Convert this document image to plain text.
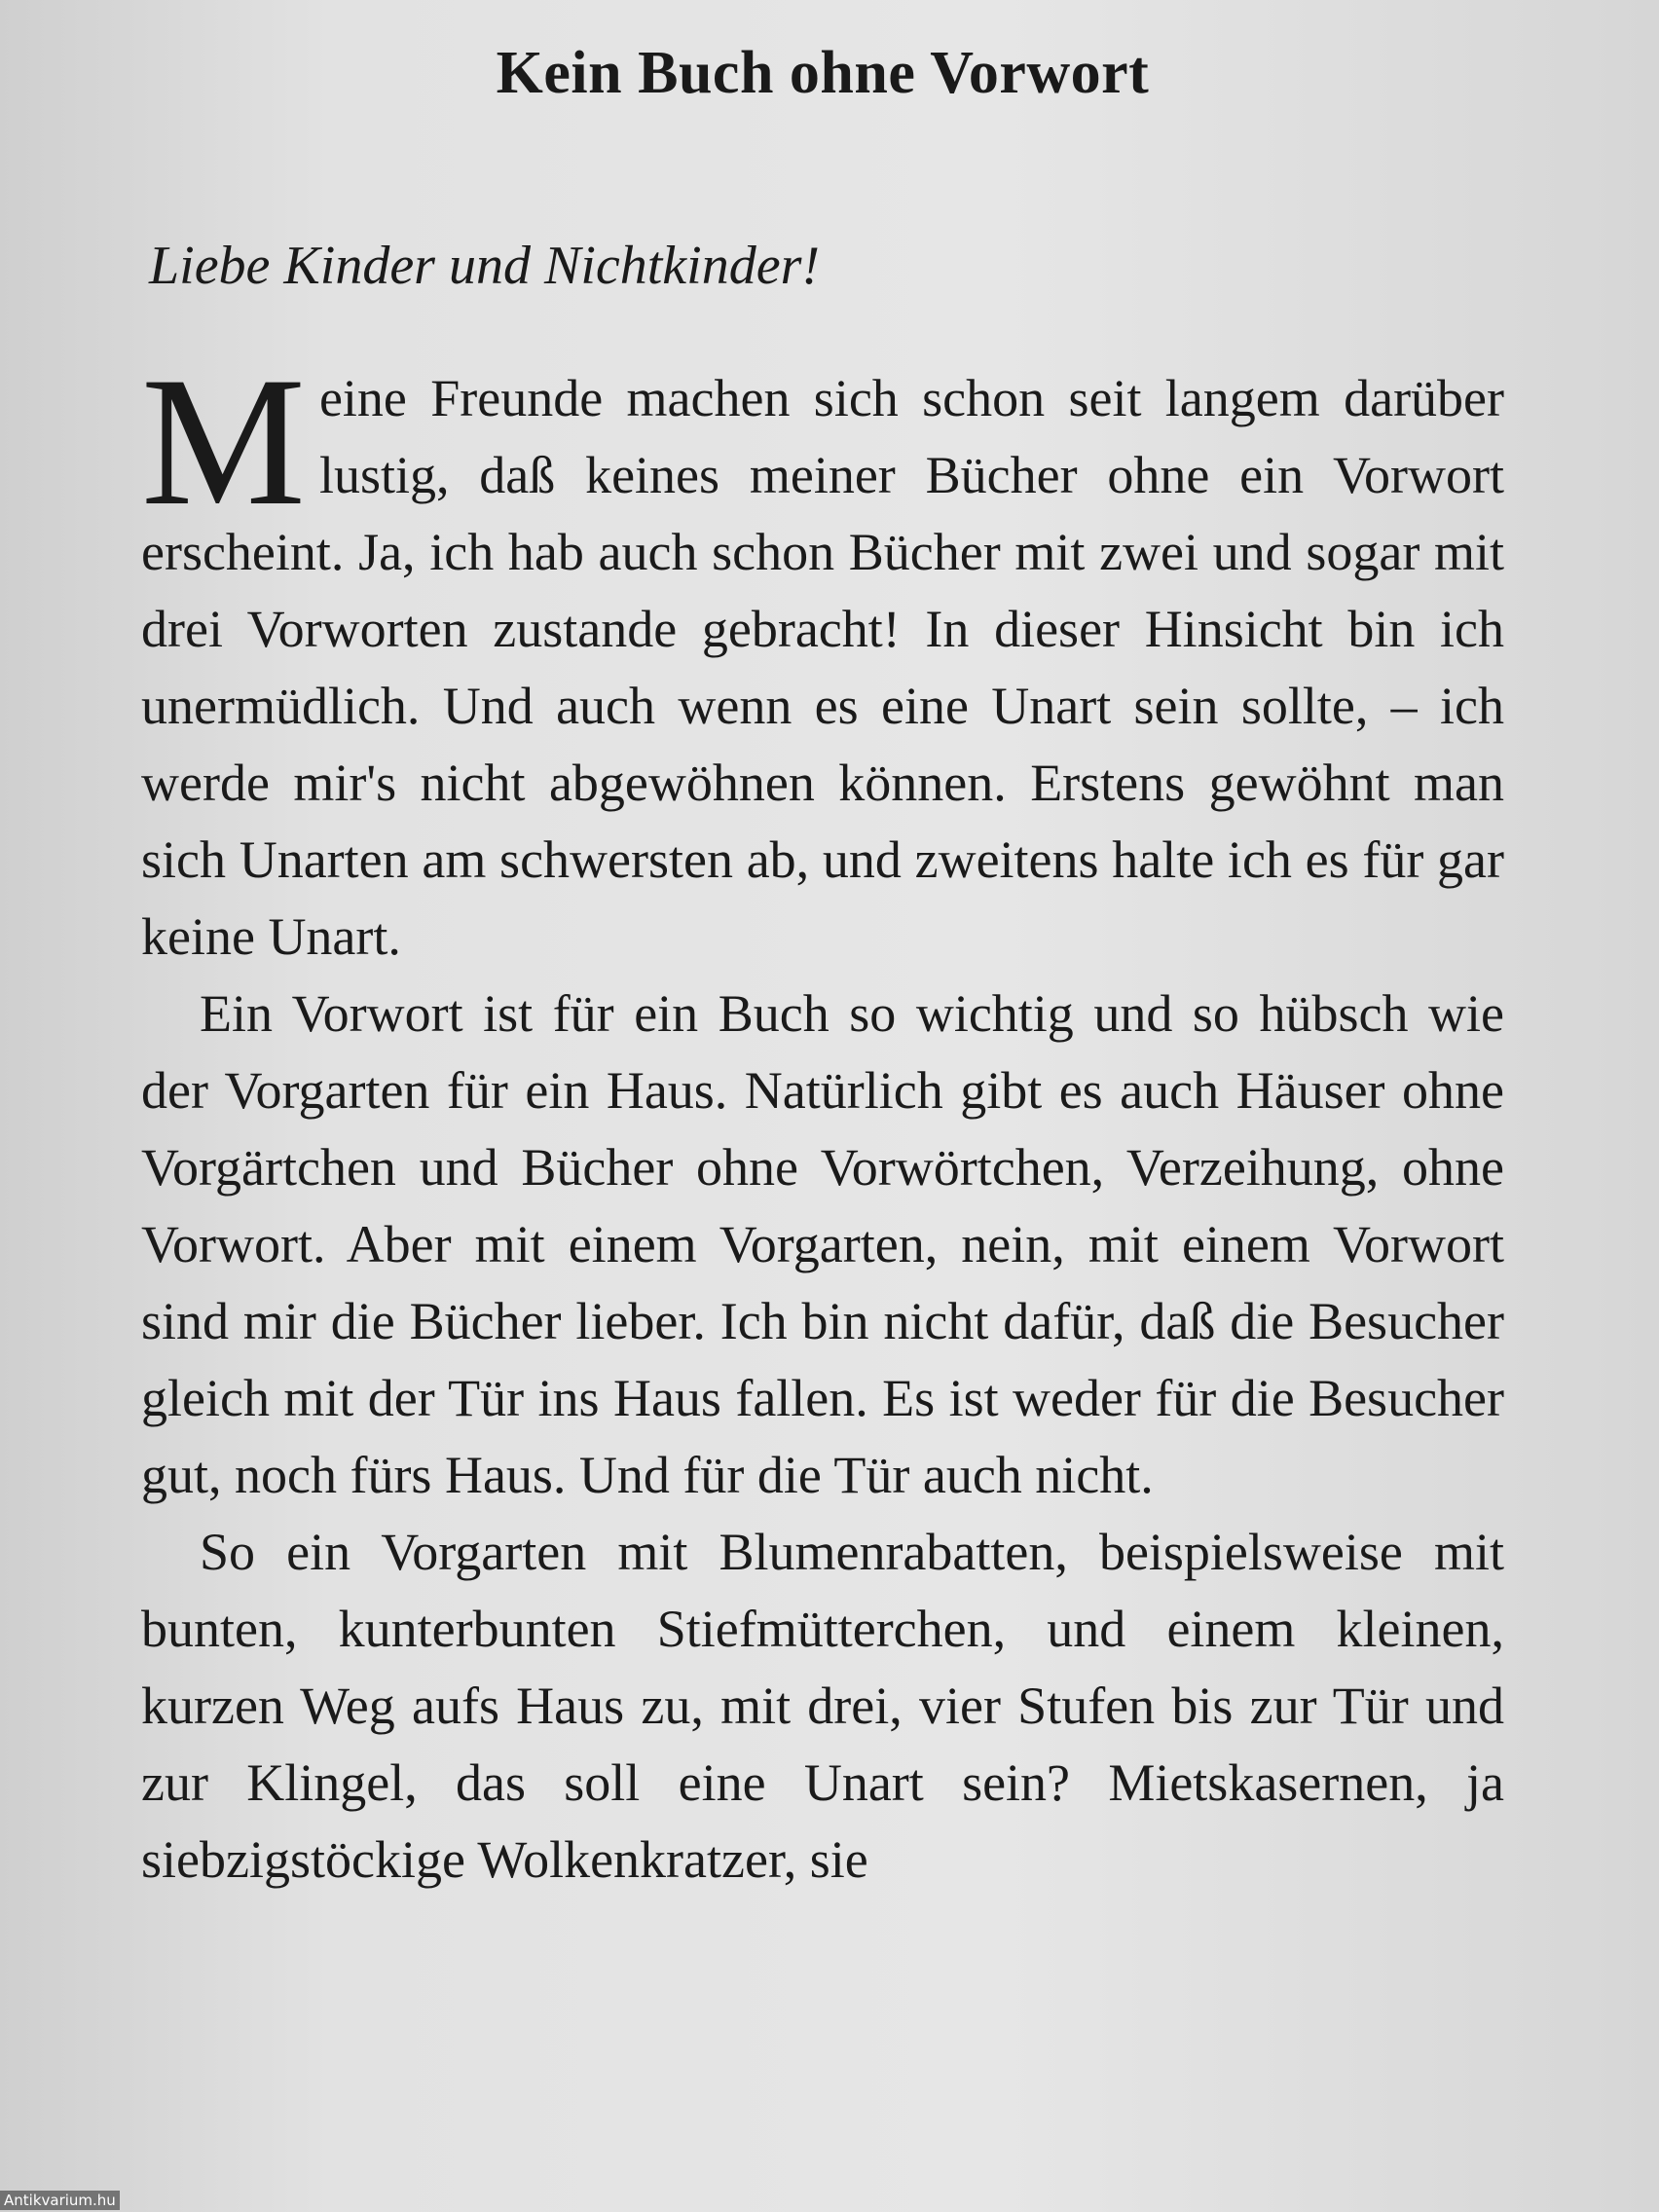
Kein Buch ohne Vorwort

Liebe Kinder und Nichtkinder!

Meine Freunde machen sich schon seit langem darüber lustig, daß keines meiner Bücher ohne ein Vorwort erscheint. Ja, ich hab auch schon Bücher mit zwei und sogar mit drei Vorworten zustande gebracht! In dieser Hinsicht bin ich unermüdlich. Und auch wenn es eine Unart sein sollte, – ich werde mir's nicht abgewöhnen können. Erstens gewöhnt man sich Unarten am schwersten ab, und zweitens halte ich es für gar keine Unart.

Ein Vorwort ist für ein Buch so wichtig und so hübsch wie der Vorgarten für ein Haus. Natürlich gibt es auch Häuser ohne Vorgärtchen und Bücher ohne Vorwörtchen, Verzeihung, ohne Vorwort. Aber mit einem Vorgarten, nein, mit einem Vorwort sind mir die Bücher lieber. Ich bin nicht dafür, daß die Besucher gleich mit der Tür ins Haus fallen. Es ist weder für die Besucher gut, noch fürs Haus. Und für die Tür auch nicht.

So ein Vorgarten mit Blumenrabatten, beispielsweise mit bunten, kunterbunten Stiefmütterchen, und einem kleinen, kurzen Weg aufs Haus zu, mit drei, vier Stufen bis zur Tür und zur Klingel, das soll eine Unart sein? Mietskasernen, ja siebzigstöckige Wolkenkratzer, sie

Antikvarium.hu
